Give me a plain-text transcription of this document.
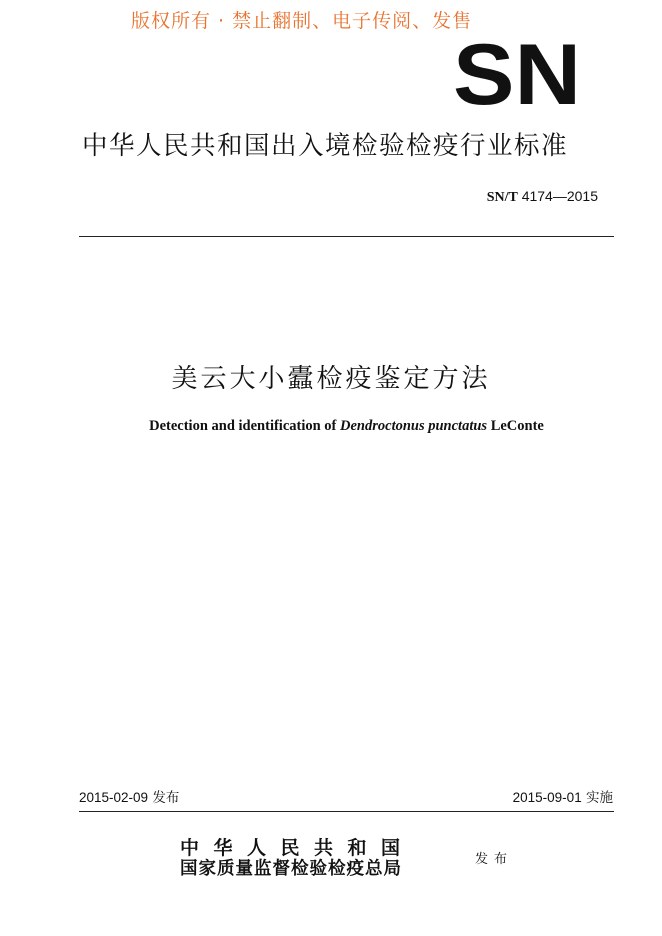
版权所有 · 禁止翻制、电子传阅、发售
SN
中华人民共和国出入境检验检疫行业标准
SN/T 4174—2015
美云大小蠹检疫鉴定方法
Detection and identification of Dendroctonus punctatus LeConte
2015-02-09 发布	2015-09-01 实施
中华人民共和国
国家质量监督检验检疫总局	发布
